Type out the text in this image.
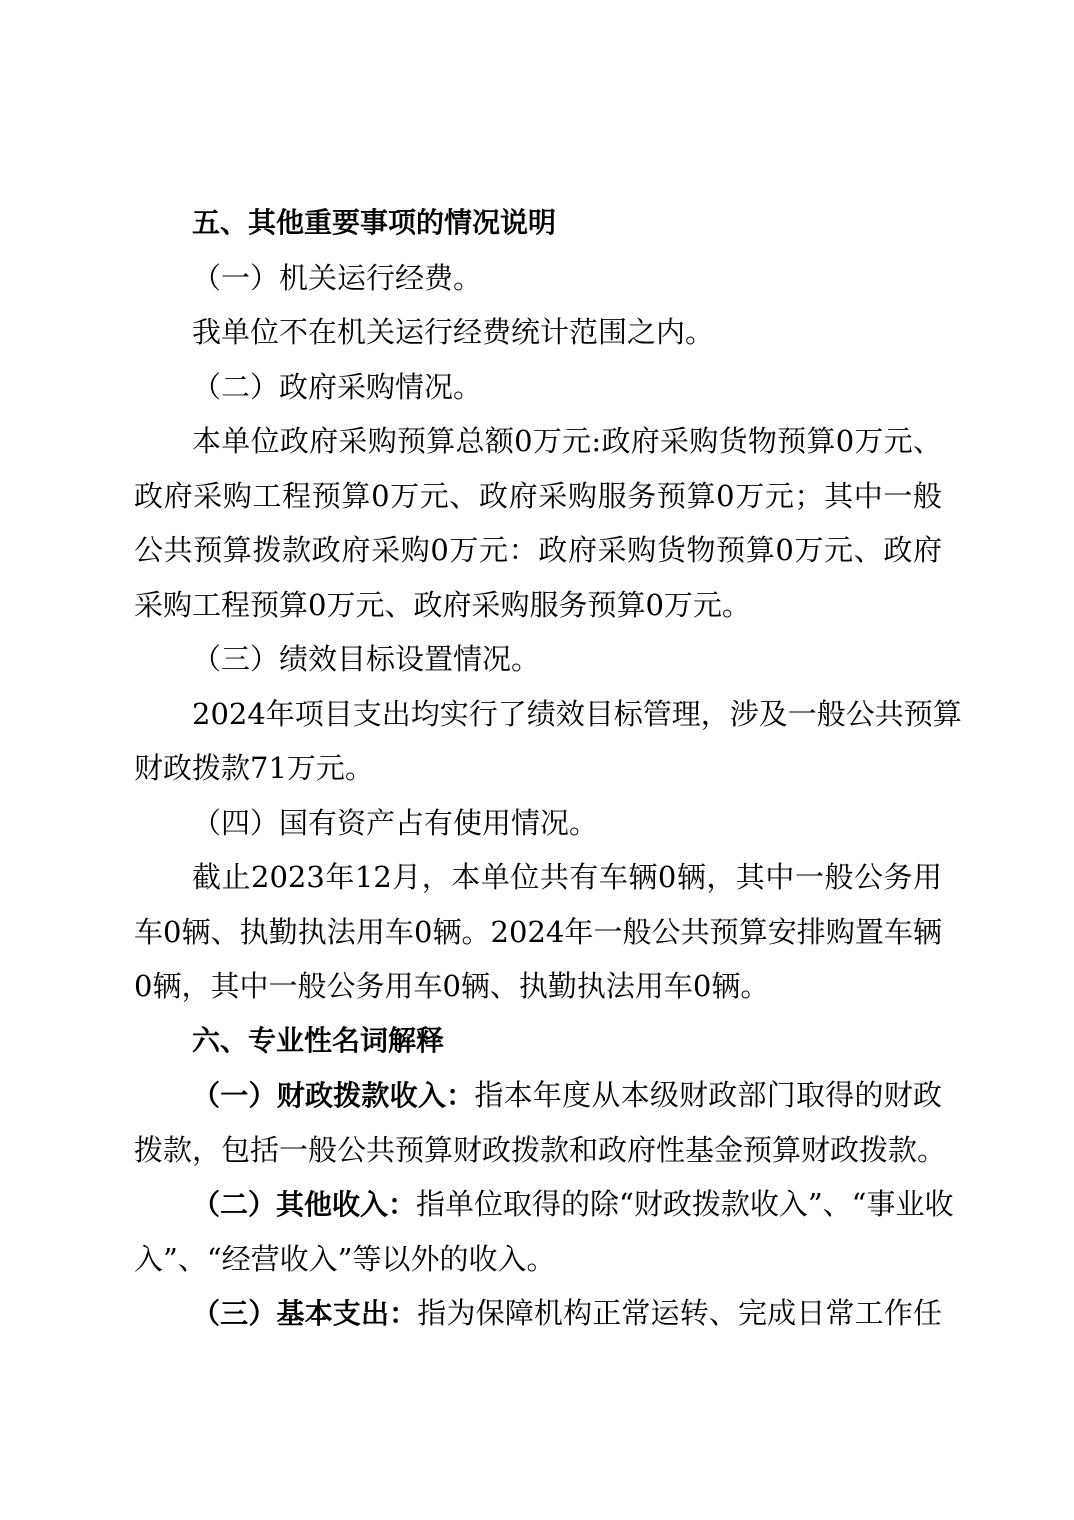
五、其他重要事项的情况说明
（一）机关运行经费。
我单位不在机关运行经费统计范围之内。
（二）政府采购情况。
本单位政府采购预算总额0万元:政府采购货物预算0万元、
政府采购工程预算0万元、政府采购服务预算0万元；其中一般
公共预算拨款政府采购0万元：政府采购货物预算0万元、政府
采购工程预算0万元、政府采购服务预算0万元。
（三）绩效目标设置情况。
2024年项目支出均实行了绩效目标管理，涉及一般公共预算
财政拨款71万元。
（四）国有资产占有使用情况。
截止2023年12月，本单位共有车辆0辆，其中一般公务用
车0辆、执勤执法用车0辆。2024年一般公共预算安排购置车辆
0辆，其中一般公务用车0辆、执勤执法用车0辆。
六、专业性名词解释
（一）财政拨款收入：指本年度从本级财政部门取得的财政
拨款，包括一般公共预算财政拨款和政府性基金预算财政拨款。
（二）其他收入：指单位取得的除“财政拨款收入”、“事业收
入”、“经营收入”等以外的收入。
（三）基本支出：指为保障机构正常运转、完成日常工作任
